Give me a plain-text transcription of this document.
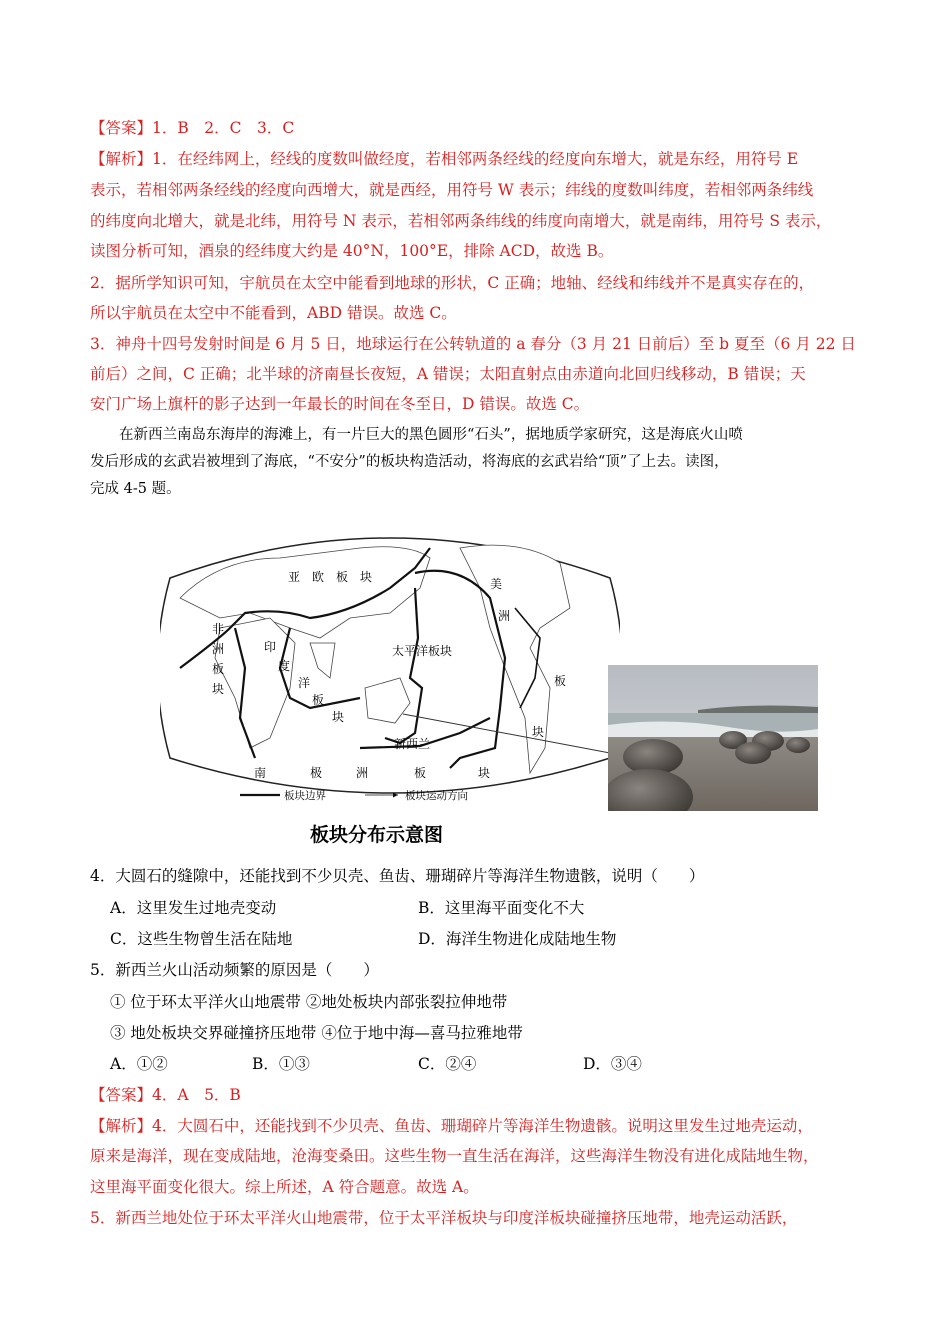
【答案】1．B　2．C　3．C
【解析】1．在经纬网上，经线的度数叫做经度，若相邻两条经线的经度向东增大，就是东经，用符号 E
表示，若相邻两条经线的经度向西增大，就是西经，用符号 W 表示；纬线的度数叫纬度，若相邻两条纬线
的纬度向北增大，就是北纬，用符号 N 表示，若相邻两条纬线的纬度向南增大，就是南纬，用符号 S 表示，
读图分析可知，酒泉的经纬度大约是 40°N，100°E，排除 ACD，故选 B。
2．据所学知识可知，宇航员在太空中能看到地球的形状，C 正确；地轴、经线和纬线并不是真实存在的，
所以宇航员在太空中不能看到，ABD 错误。故选 C。
3．神舟十四号发射时间是 6 月 5 日，地球运行在公转轨道的 a 春分（3 月 21 日前后）至 b 夏至（6 月 22 日
前后）之间，C 正确；北半球的济南昼长夜短，A 错误；太阳直射点由赤道向北回归线移动，B 错误；天
安门广场上旗杆的影子达到一年最长的时间在冬至日，D 错误。故选 C。
　　在新西兰南岛东海岸的海滩上，有一片巨大的黑色圆形“石头”，据地质学家研究，这是海底火山喷
发后形成的玄武岩被埋到了海底，“不安分”的板块构造活动，将海底的玄武岩给“顶”了上去。读图，
完成 4-5 题。
亚　欧　板　块	美
洲
板
块
非
洲
板
块
印
度
洋
板
块
太平洋板块
新西兰
南	极	洲	板	块
板块边界	板块运动方向
板块分布示意图
4．大圆石的缝隙中，还能找到不少贝壳、鱼齿、珊瑚碎片等海洋生物遗骸，说明（　　）
A．这里发生过地壳变动	B．这里海平面变化不大
C．这些生物曾生活在陆地	D．海洋生物进化成陆地生物
5．新西兰火山活动频繁的原因是（　　）
① 位于环太平洋火山地震带 ②地处板块内部张裂拉伸地带
③ 地处板块交界碰撞挤压地带 ④位于地中海—喜马拉雅地带
A．①②	B．①③	C．②④	D．③④
【答案】4．A　5．B
【解析】4．大圆石中，还能找到不少贝壳、鱼齿、珊瑚碎片等海洋生物遗骸。说明这里发生过地壳运动，
原来是海洋，现在变成陆地，沧海变桑田。这些生物一直生活在海洋，这些海洋生物没有进化成陆地生物，
这里海平面变化很大。综上所述，A 符合题意。故选 A。
5．新西兰地处位于环太平洋火山地震带，位于太平洋板块与印度洋板块碰撞挤压地带，地壳运动活跃，
